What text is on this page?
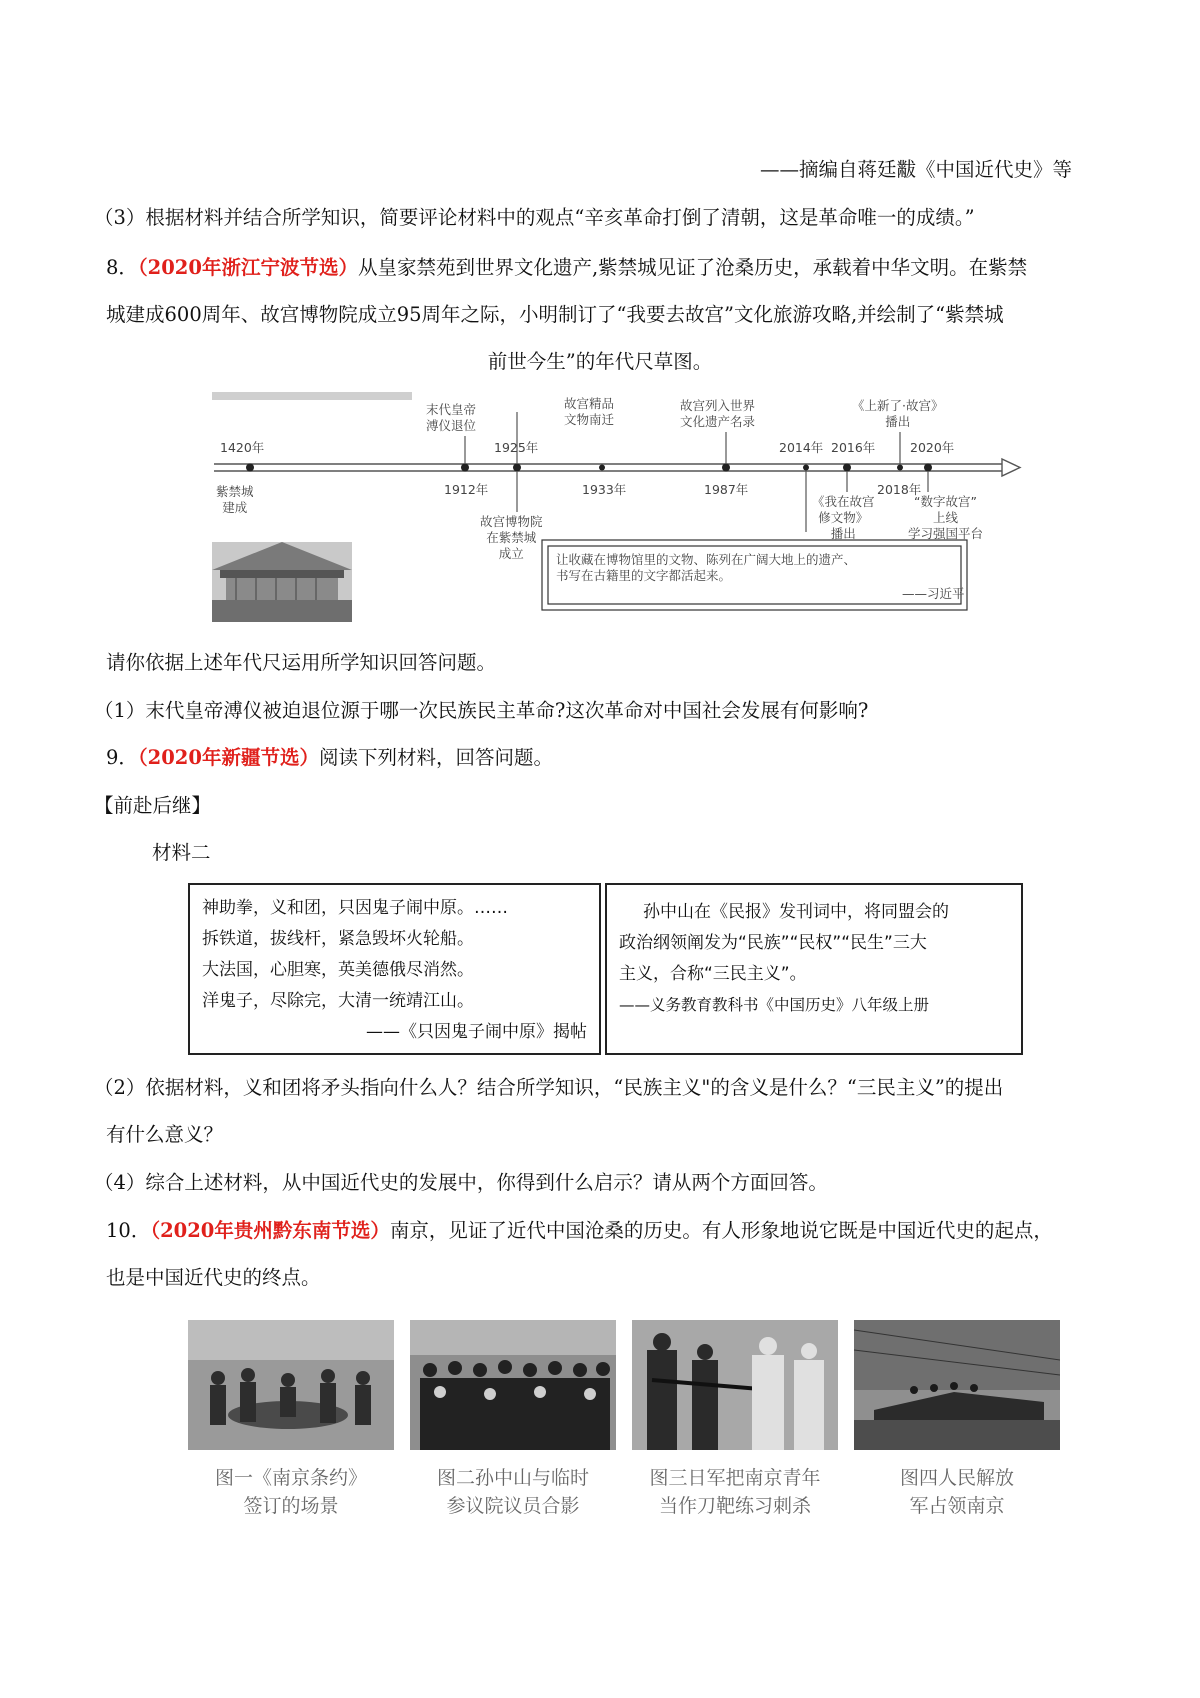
——摘编自蒋廷黻《中国近代史》等
（3）根据材料并结合所学知识，简要评论材料中的观点“辛亥革命打倒了清朝，这是革命唯一的成绩。”
8．（2020年浙江宁波节选）从皇家禁苑到世界文化遗产,紫禁城见证了沧桑历史，承载着中华文明。在紫禁
城建成600周年、故宫博物院成立95周年之际，小明制订了“我要去故宫”文化旅游攻略,并绘制了“紫禁城
前世今生”的年代尺草图。
1420年
1912年
1925年
1933年	1987年
2014年 2016年
2018年
2020年
紫禁城
建成
末代皇帝
溥仪退位
故宫博物院
在紫禁城
成立
故宫精品
文物南迁
故宫列入世界
文化遗产名录
《我在故宫
修文物》
播出
《上新了·故宫》
播出
“数字故宫”
上线
学习强国平台
让收藏在博物馆里的文物、陈列在广阔大地上的遗产、
书写在古籍里的文字都活起来。
——习近平
请你依据上述年代尺运用所学知识回答问题。
（1）末代皇帝溥仪被迫退位源于哪一次民族民主革命?这次革命对中国社会发展有何影响?
9．（2020年新疆节选）阅读下列材料，回答问题。
【前赴后继】
材料二
神助拳，义和团，只因鬼子闹中原。……
拆铁道，拔线杆，紧急毁坏火轮船。
大法国，心胆寒，英美德俄尽消然。
洋鬼子，尽除完，大清一统靖江山。
——《只因鬼子闹中原》揭帖
孙中山在《民报》发刊词中，将同盟会的
政治纲领阐发为“民族”“民权”“民生”三大
主义，合称“三民主义”。
——义务教育教科书《中国历史》八年级上册
（2）依据材料，义和团将矛头指向什么人？结合所学知识，“民族主义"的含义是什么？“三民主义”的提出
有什么意义？
（4）综合上述材料，从中国近代史的发展中，你得到什么启示？请从两个方面回答。
10．（2020年贵州黔东南节选）南京，见证了近代中国沧桑的历史。有人形象地说它既是中国近代史的起点，
也是中国近代史的终点。
图一《南京条约》
签订的场景
图二孙中山与临时
参议院议员合影
图三日军把南京青年
当作刀靶练习刺杀
图四人民解放
军占领南京
